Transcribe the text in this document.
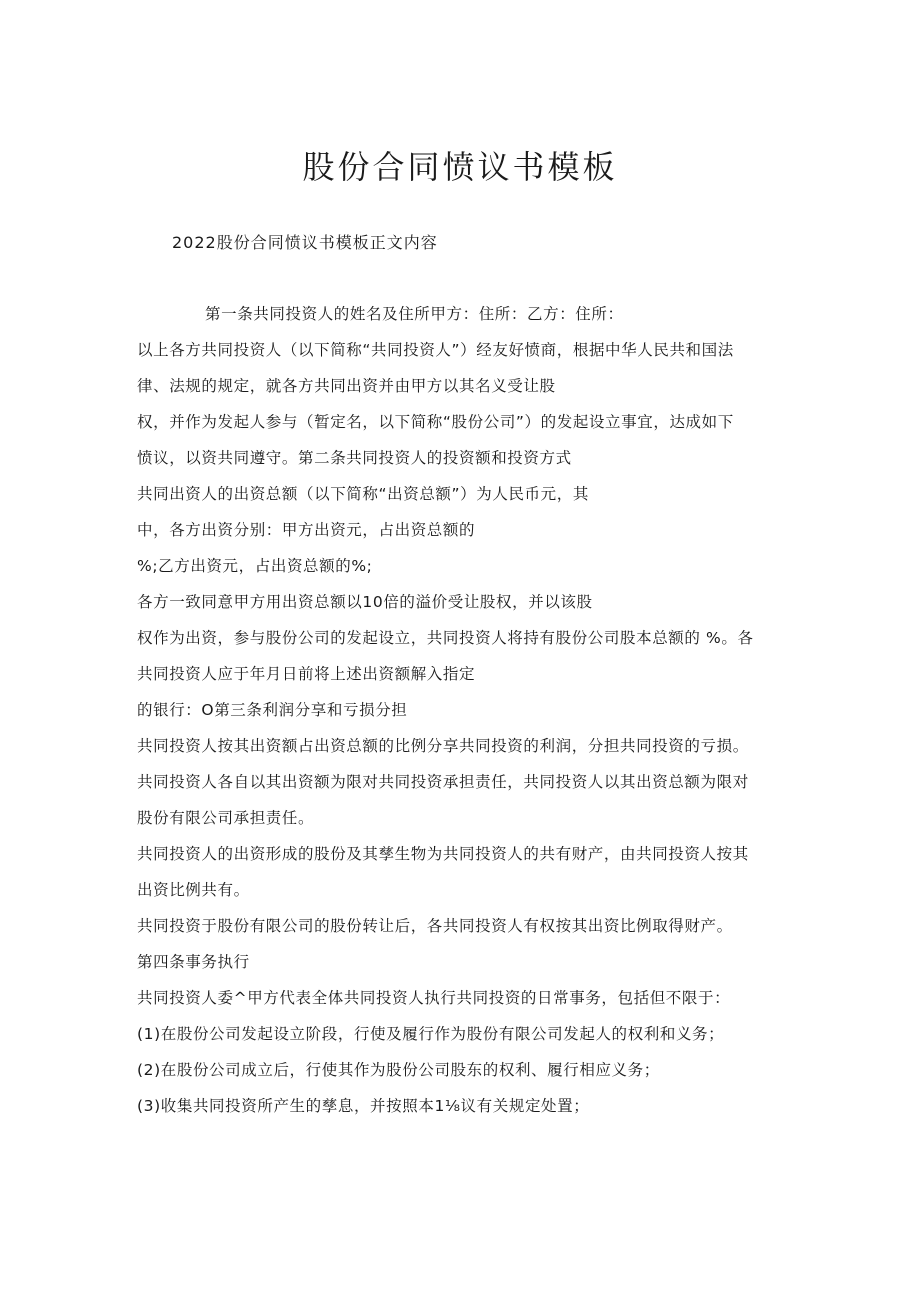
股份合同愤议书模板

2022股份合同愤议书模板正文内容

第一条共同投资人的姓名及住所甲方：住所：乙方：住所：

以上各方共同投资人（以下简称“共同投资人”）经友好愤商，根据中华人民共和国法

律、法规的规定，就各方共同出资并由甲方以其名义受让股

权，并作为发起人参与（暂定名，以下简称“股份公司”）的发起设立事宜，达成如下

愤议，以资共同遵守。第二条共同投资人的投资额和投资方式

共同出资人的出资总额（以下简称“出资总额”）为人民币元，其

中，各方出资分别：甲方出资元，占出资总额的

%;乙方出资元，占出资总额的%;

各方一致同意甲方用出资总额以10倍的溢价受让股权，并以该股

权作为出资，参与股份公司的发起设立，共同投资人将持有股份公司股本总额的 %。各

共同投资人应于年月日前将上述出资额解入指定

的银行：O第三条利润分享和亏损分担

共同投资人按其出资额占出资总额的比例分享共同投资的利润，分担共同投资的亏损。

共同投资人各自以其出资额为限对共同投资承担责任，共同投资人以其出资总额为限对

股份有限公司承担责任。

共同投资人的出资形成的股份及其孳生物为共同投资人的共有财产，由共同投资人按其

出资比例共有。

共同投资于股份有限公司的股份转让后，各共同投资人有权按其出资比例取得财产。

第四条事务执行

共同投资人委^甲方代表全体共同投资人执行共同投资的日常事务，包括但不限于：

(1)在股份公司发起设立阶段，行使及履行作为股份有限公司发起人的权利和义务；

(2)在股份公司成立后，行使其作为股份公司股东的权利、履行相应义务；

(3)收集共同投资所产生的孳息，并按照本1⅛议有关规定处置；
